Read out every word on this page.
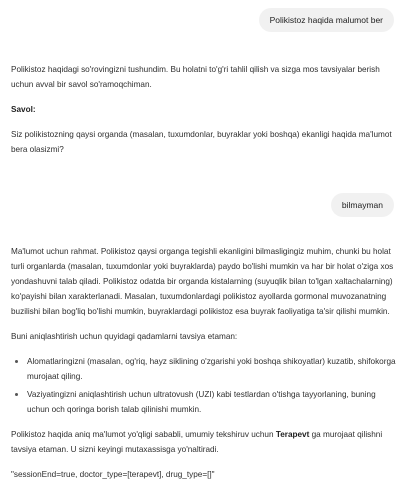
Polikistoz haqida malumot ber

Polikistoz haqidagi so'rovingizni tushundim. Bu holatni to'g'ri tahlil qilish va sizga mos tavsiyalar berish uchun avval bir savol so'ramoqchiman.

Savol:

Siz polikistozning qaysi organda (masalan, tuxumdonlar, buyraklar yoki boshqa) ekanligi haqida ma'lumot bera olasizmi?

bilmayman

Ma'lumot uchun rahmat. Polikistoz qaysi organga tegishli ekanligini bilmasligingiz muhim, chunki bu holat turli organlarda (masalan, tuxumdonlar yoki buyraklarda) paydo bo'lishi mumkin va har bir holat o'ziga xos yondashuvni talab qiladi. Polikistoz odatda bir organda kistalarning (suyuqlik bilan to'lgan xaltachalarning) ko'payishi bilan xarakterlanadi. Masalan, tuxumdonlardagi polikistoz ayollarda gormonal muvozanatning buzilishi bilan bog'liq bo'lishi mumkin, buyraklardagi polikistoz esa buyrak faoliyatiga ta'sir qilishi mumkin.

Buni aniqlashtirish uchun quyidagi qadamlarni tavsiya etaman:

Alomatlaringizni (masalan, og'riq, hayz siklining o'zgarishi yoki boshqa shikoyatlar) kuzatib, shifokorga murojaat qiling.
Vaziyatingizni aniqlashtirish uchun ultratovush (UZI) kabi testlardan o'tishga tayyorlaning, buning uchun och qoringa borish talab qilinishi mumkin.

Polikistoz haqida aniq ma'lumot yo'qligi sababli, umumiy tekshiruv uchun Terapevt ga murojaat qilishni tavsiya etaman. U sizni keyingi mutaxassisga yo'naltiradi.

"sessionEnd=true, doctor_type=[terapevt], drug_type=[]"
